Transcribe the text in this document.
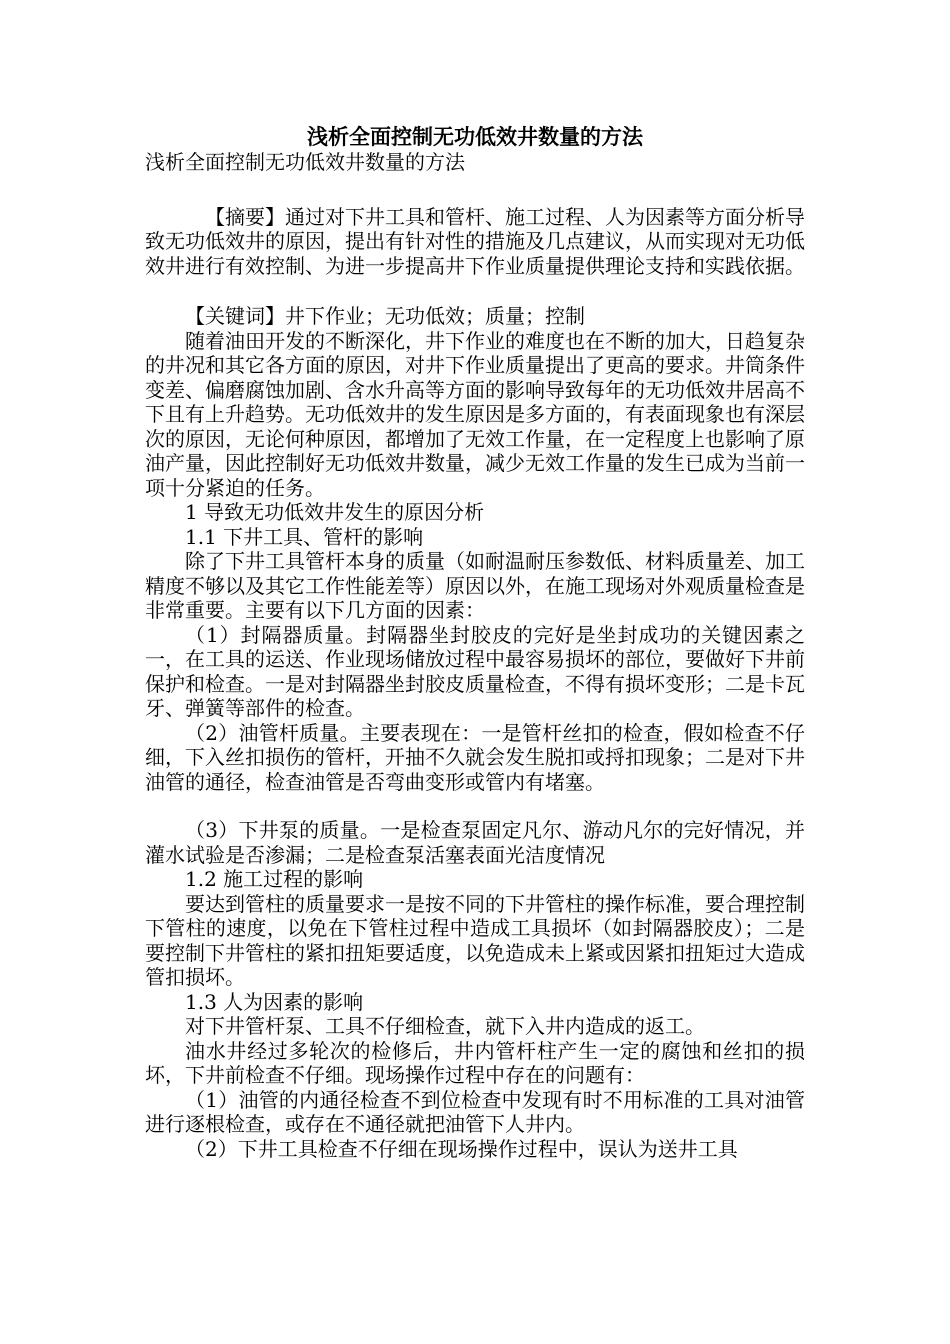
浅析全面控制无功低效井数量的方法

浅析全面控制无功低效井数量的方法

【摘要】通过对下井工具和管杆、施工过程、人为因素等方面分析导致无功低效井的原因，提出有针对性的措施及几点建议，从而实现对无功低效井进行有效控制、为进一步提高井下作业质量提供理论支持和实践依据。

【关键词】井下作业；无功低效；质量；控制

随着油田开发的不断深化，井下作业的难度也在不断的加大，日趋复杂的井况和其它各方面的原因，对井下作业质量提出了更高的要求。井筒条件变差、偏磨腐蚀加剧、含水升高等方面的影响导致每年的无功低效井居高不下且有上升趋势。无功低效井的发生原因是多方面的，有表面现象也有深层次的原因，无论何种原因，都增加了无效工作量，在一定程度上也影响了原油产量，因此控制好无功低效井数量，减少无效工作量的发生已成为当前一项十分紧迫的任务。

1 导致无功低效井发生的原因分析

1.1 下井工具、管杆的影响

除了下井工具管杆本身的质量（如耐温耐压参数低、材料质量差、加工精度不够以及其它工作性能差等）原因以外，在施工现场对外观质量检查是非常重要。主要有以下几方面的因素：

（1）封隔器质量。封隔器坐封胶皮的完好是坐封成功的关键因素之一，在工具的运送、作业现场储放过程中最容易损坏的部位，要做好下井前保护和检查。一是对封隔器坐封胶皮质量检查，不得有损坏变形；二是卡瓦牙、弹簧等部件的检查。

（2）油管杆质量。主要表现在：一是管杆丝扣的检查，假如检查不仔细，下入丝扣损伤的管杆，开抽不久就会发生脱扣或捋扣现象；二是对下井油管的通径，检查油管是否弯曲变形或管内有堵塞。

（3）下井泵的质量。一是检查泵固定凡尔、游动凡尔的完好情况，并灌水试验是否渗漏；二是检查泵活塞表面光洁度情况

1.2 施工过程的影响

要达到管柱的质量要求一是按不同的下井管柱的操作标准，要合理控制下管柱的速度，以免在下管柱过程中造成工具损坏（如封隔器胶皮）；二是要控制下井管柱的紧扣扭矩要适度，以免造成未上紧或因紧扣扭矩过大造成管扣损坏。

1.3 人为因素的影响

对下井管杆泵、工具不仔细检查，就下入井内造成的返工。

油水井经过多轮次的检修后，井内管杆柱产生一定的腐蚀和丝扣的损坏，下井前检查不仔细。现场操作过程中存在的问题有：

（1）油管的内通径检查不到位检查中发现有时不用标准的工具对油管进行逐根检查，或存在不通径就把油管下人井内。

（2）下井工具检查不仔细在现场操作过程中，误认为送井工具
